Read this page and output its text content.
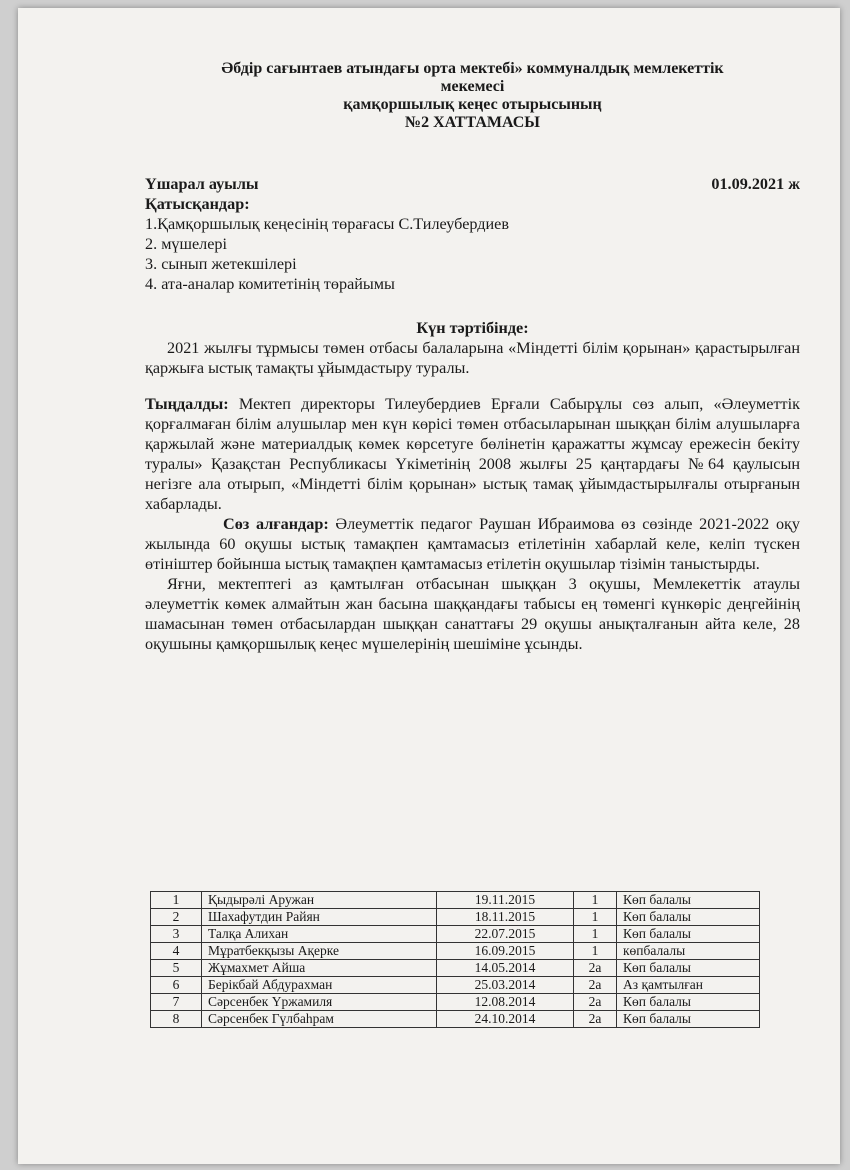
Әбдір сағынтаев атындағы орта мектебі» коммуналдық мемлекеттік
мекемесі
қамқоршылық кеңес отырысының
№2 ХАТТАМАСЫ
Үшарал ауылы	01.09.2021 ж
Қатысқандар:
1.Қамқоршылық кеңесінің төрағасы С.Тилеубердиев
2. мүшелері
3. сынып жетекшілері
4. ата-аналар комитетінің төрайымы
Күн тәртібінде:

2021 жылғы тұрмысы төмен отбасы балаларына «Міндетті білім қорынан» қарастырылған қаржыға ыстық тамақты ұйымдастыру туралы.

Тыңдалды: Мектеп директоры Тилеубердиев Ерғали Сабырұлы сөз алып, «Әлеуметтік қорғалмаған білім алушылар мен күн көрісі төмен отбасыларынан шыққан білім алушыларға қаржылай және материалдық көмек көрсетуге бөлінетін қаражатты жұмсау ережесін бекіту туралы» Қазақстан Республикасы Үкіметінің 2008 жылғы 25 қаңтардағы №64 қаулысын негізге ала отырып, «Міндетті білім қорынан» ыстық тамақ ұйымдастырылғалы отырғанын хабарлады.

Сөз алғандар: Әлеуметтік педагог Раушан Ибраимова өз сөзінде 2021-2022 оқу жылында 60 оқушы ыстық тамақпен қамтамасыз етілетінін хабарлай келе, келіп түскен өтініштер бойынша ыстық тамақпен қамтамасыз етілетін оқушылар тізімін таныстырды.

Яғни, мектептегі аз қамтылған отбасынан шыққан 3 оқушы, Мемлекеттік атаулы әлеуметтік көмек алмайтын жан басына шаққандағы табысы ең төменгі күнкөріс деңгейінің шамасынан төмен отбасылардан шыққан санаттағы 29 оқушы анықталғанын айта келе, 28 оқушыны қамқоршылық кеңес мүшелерінің шешіміне ұсынды.

1	Қыдырәлі Аружан	19.11.2015	1	Көп балалы
2	Шахафутдин Райян	18.11.2015	1	Көп балалы
3	Талқа Алихан	22.07.2015	1	Көп балалы
4	Мұратбекқызы Ақерке	16.09.2015	1	көпбалалы
5	Жұмахмет Айша	14.05.2014	2а	Көп балалы
6	Берікбай Абдурахман	25.03.2014	2а	Аз қамтылған
7	Сәрсенбек Үржамиля	12.08.2014	2а	Көп балалы
8	Сәрсенбек Гүлбаһрам	24.10.2014	2а	Көп балалы
